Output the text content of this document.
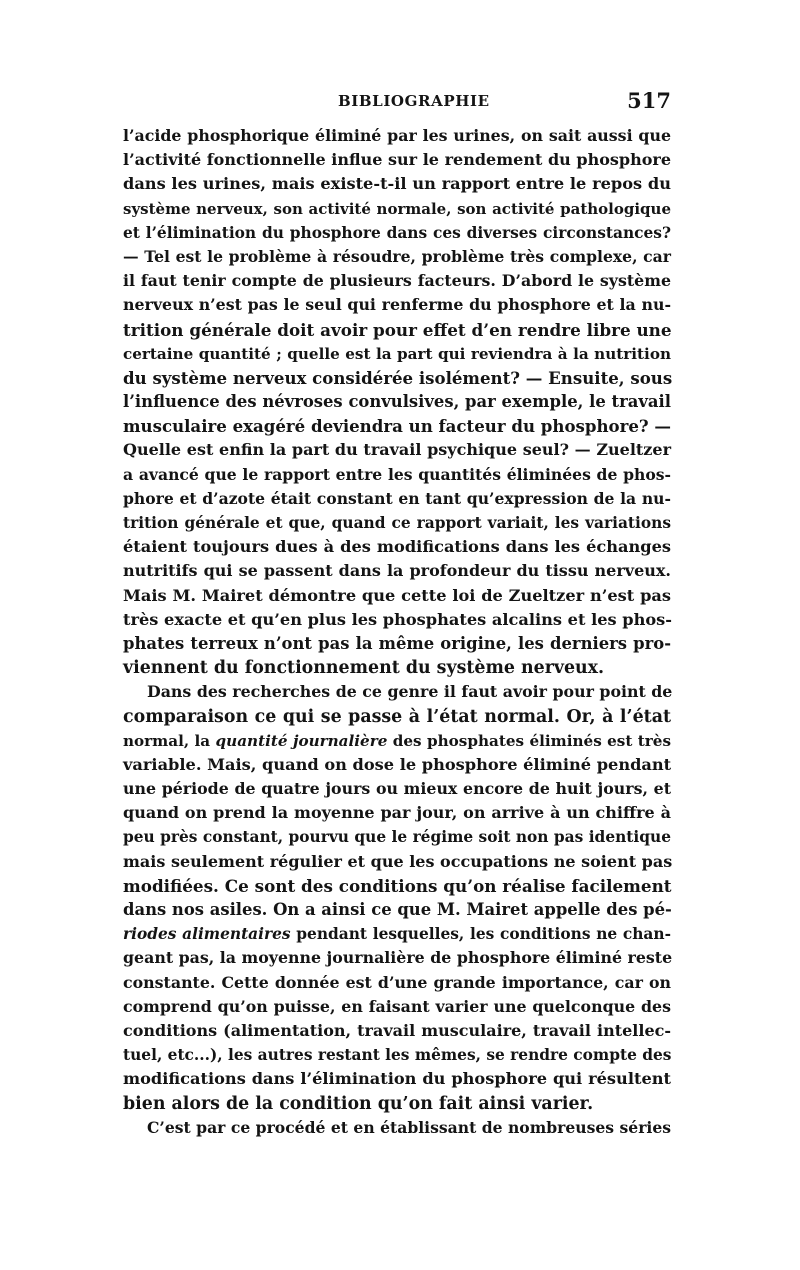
BIBLIOGRAPHIE	517
l’acide phosphorique éliminé par les urines, on sait aussi que
l’activité fonctionnelle influe sur le rendement du phosphore
dans les urines, mais existe-t-il un rapport entre le repos du
système nerveux, son activité normale, son activité pathologique
et l’élimination du phosphore dans ces diverses circonstances?
— Tel est le problème à résoudre, problème très complexe, car
il faut tenir compte de plusieurs facteurs. D’abord le système
nerveux n’est pas le seul qui renferme du phosphore et la nu-
trition générale doit avoir pour effet d’en rendre libre une
certaine quantité ; quelle est la part qui reviendra à la nutrition
du système nerveux considérée isolément? — Ensuite, sous
l’influence des névroses convulsives, par exemple, le travail
musculaire exagéré deviendra un facteur du phosphore? —
Quelle est enfin la part du travail psychique seul? — Zueltzer
a avancé que le rapport entre les quantités éliminées de phos-
phore et d’azote était constant en tant qu’expression de la nu-
trition générale et que, quand ce rapport variait, les variations
étaient toujours dues à des modifications dans les échanges
nutritifs qui se passent dans la profondeur du tissu nerveux.
Mais M. Mairet démontre que cette loi de Zueltzer n’est pas
très exacte et qu’en plus les phosphates alcalins et les phos-
phates terreux n’ont pas la même origine, les derniers pro-
viennent du fonctionnement du système nerveux.
Dans des recherches de ce genre il faut avoir pour point de
comparaison ce qui se passe à l’état normal. Or, à l’état
normal, la quantité journalière des phosphates éliminés est très
variable. Mais, quand on dose le phosphore éliminé pendant
une période de quatre jours ou mieux encore de huit jours, et
quand on prend la moyenne par jour, on arrive à un chiffre à
peu près constant, pourvu que le régime soit non pas identique
mais seulement régulier et que les occupations ne soient pas
modifiées. Ce sont des conditions qu’on réalise facilement
dans nos asiles. On a ainsi ce que M. Mairet appelle des pé-
riodes alimentaires pendant lesquelles, les conditions ne chan-
geant pas, la moyenne journalière de phosphore éliminé reste
constante. Cette donnée est d’une grande importance, car on
comprend qu’on puisse, en faisant varier une quelconque des
conditions (alimentation, travail musculaire, travail intellec-
tuel, etc...), les autres restant les mêmes, se rendre compte des
modifications dans l’élimination du phosphore qui résultent
bien alors de la condition qu’on fait ainsi varier.
C’est par ce procédé et en établissant de nombreuses séries
